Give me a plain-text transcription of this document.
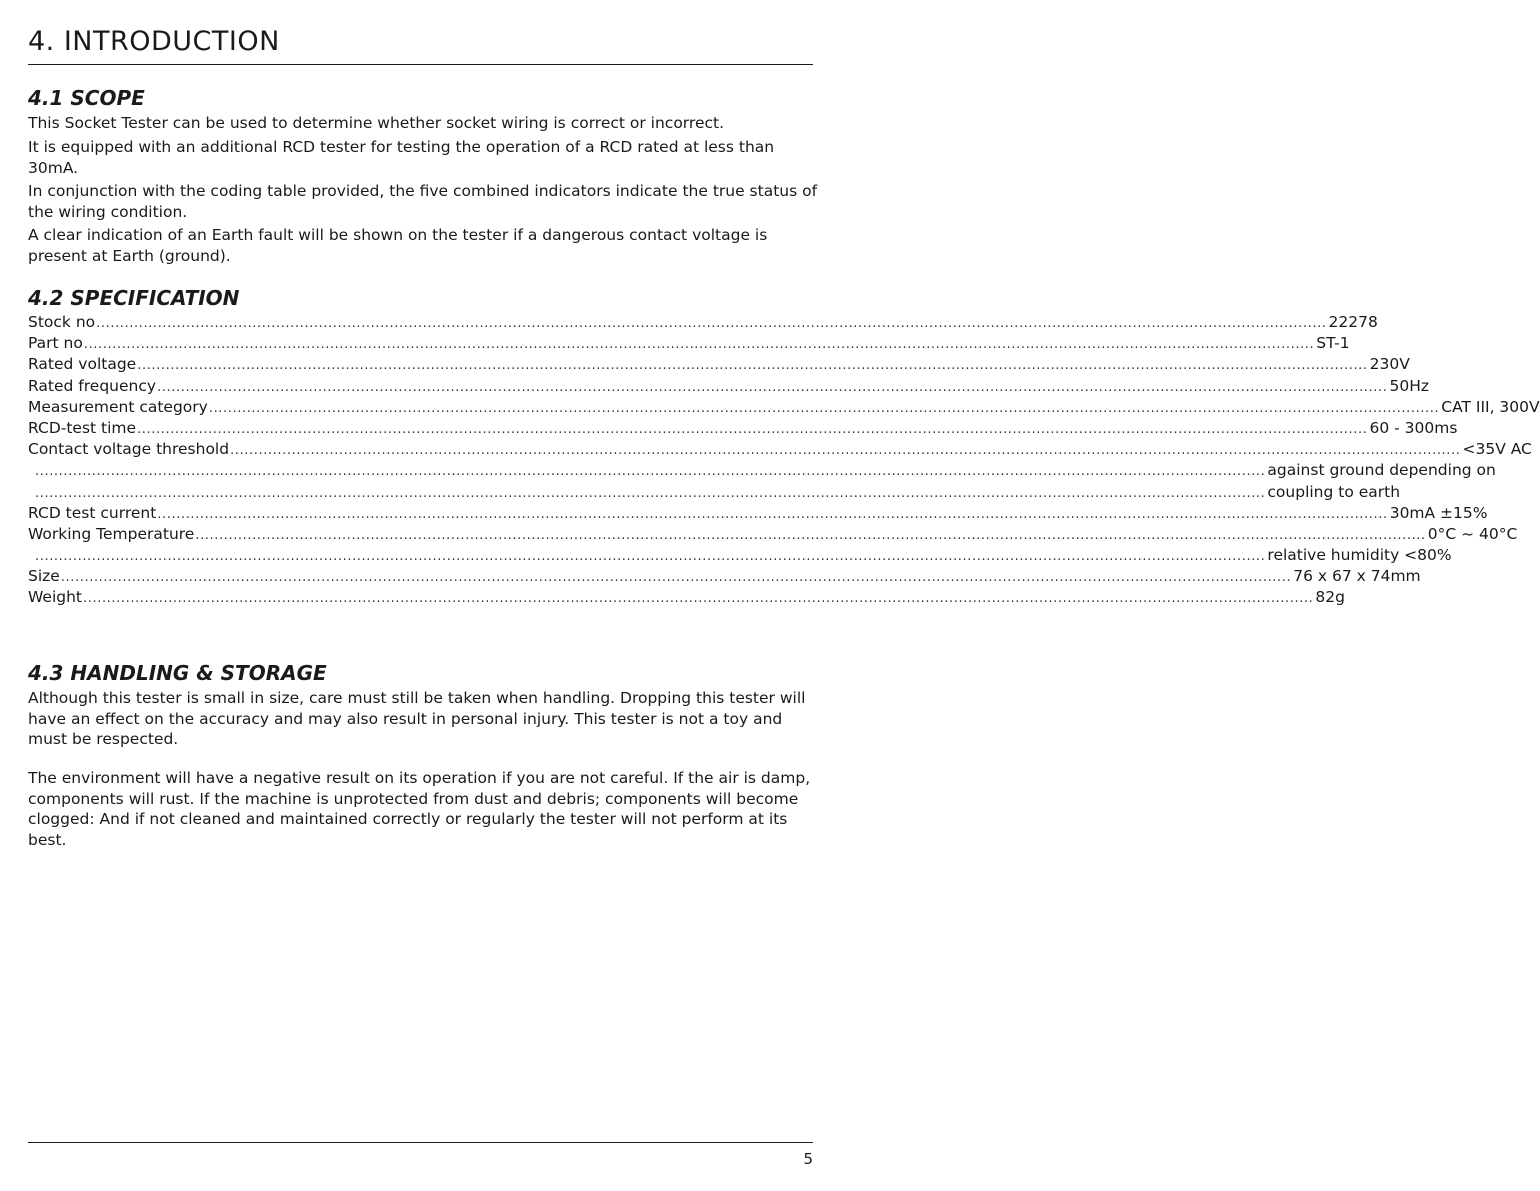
4. INTRODUCTION
4.1 SCOPE

This Socket Tester can be used to determine whether socket wiring is correct or incorrect.

It is equipped with an additional RCD tester for testing the operation of a RCD rated at less than 30mA.

In conjunction with the coding table provided, the five combined indicators indicate the true status of the wiring condition.

A clear indication of an Earth fault will be shown on the tester if a dangerous contact voltage is present at Earth (ground).

4.2 SPECIFICATION
Stock no .................................................................................................................................................................................................................................................................... 22278
Part no .................................................................................................................................................................................................................................................................... ST-1
Rated voltage .................................................................................................................................................................................................................................................................... 230V
Rated frequency .................................................................................................................................................................................................................................................................... 50Hz
Measurement category .................................................................................................................................................................................................................................................................... CAT III, 300V
RCD-test time .................................................................................................................................................................................................................................................................... 60 - 300ms
Contact voltage threshold .................................................................................................................................................................................................................................................................... <35V AC
.................................................................................................................................................................................................................................................................... against ground depending on
.................................................................................................................................................................................................................................................................... coupling to earth
RCD test current .................................................................................................................................................................................................................................................................... 30mA ±15%
Working Temperature .................................................................................................................................................................................................................................................................... 0°C ~ 40°C
.................................................................................................................................................................................................................................................................... relative humidity <80%
Size .................................................................................................................................................................................................................................................................... 76 x 67 x 74mm
Weight .................................................................................................................................................................................................................................................................... 82g
4.3 HANDLING & STORAGE

Although this tester is small in size, care must still be taken when handling. Dropping this tester will have an effect on the accuracy and may also result in personal injury. This tester is not a toy and must be respected.

The environment will have a negative result on its operation if you are not careful. If the air is damp, components will rust. If the machine is unprotected from dust and debris; components will become clogged: And if not cleaned and maintained correctly or regularly the tester will not perform at its best.

5
